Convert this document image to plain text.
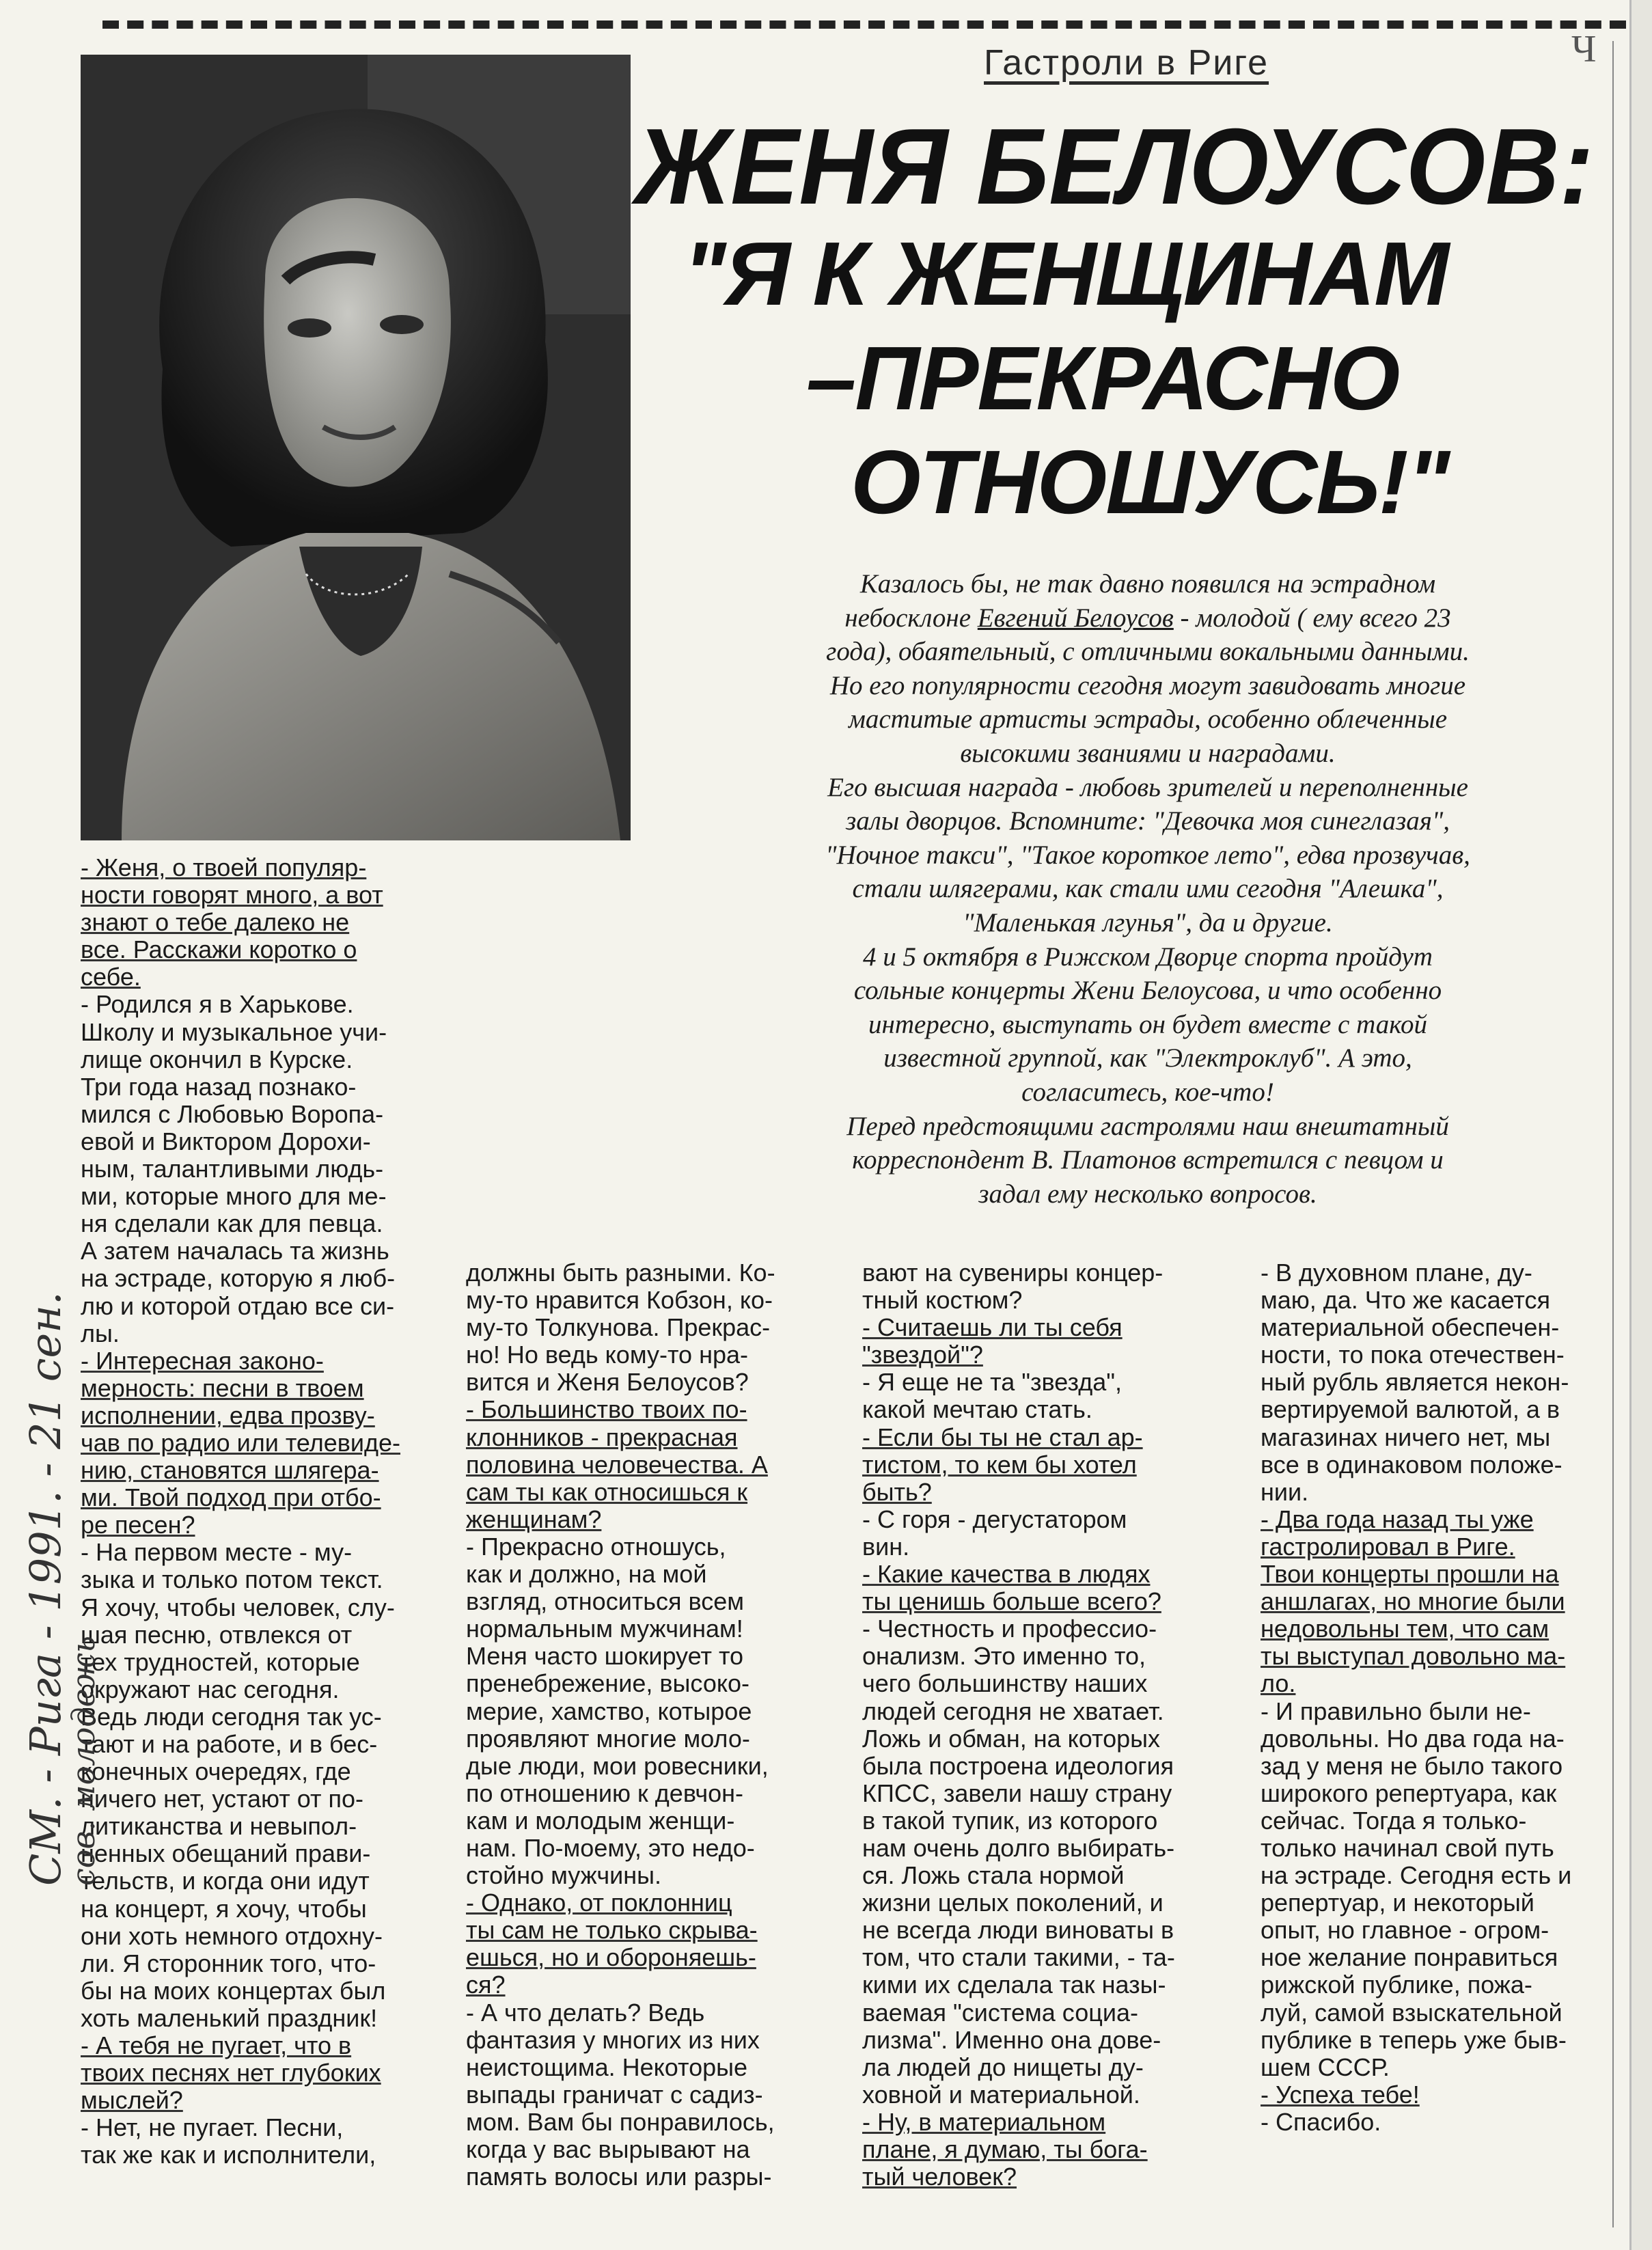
Ч
Гастроли в Риге
ЖЕНЯ БЕЛОУСОВ:
"Я К ЖЕНЩИНАМ
–ПРЕКРАСНО
ОТНОШУСЬ!"
Казалось бы, не так давно появился на эстрадном
небосклоне Евгений Белоусов - молодой ( ему всего 23
года), обаятельный, с отличными вокальными данными.
Но его популярности сегодня могут завидовать многие
маститые артисты эстрады, особенно облеченные
высокими званиями и наградами.
Его высшая награда - любовь зрителей и переполненные
залы дворцов. Вспомните: "Девочка моя синеглазая",
"Ночное такси", "Такое короткое лето", едва прозвучав,
стали шлягерами, как стали ими сегодня "Алешка",
"Маленькая лгунья", да и другие.
4 и 5 октября в Рижском Дворце спорта пройдут
сольные концерты Жени Белоусова, и что особенно
интересно, выступать он будет вместе с такой
известной группой, как "Электроклуб". А это,
согласитесь, кое-что!
Перед предстоящими гастролями наш внештатный
корреспондент В. Платонов встретился с певцом и
задал ему несколько вопросов.
- Женя, о твоей популяр-
ности говорят много, а вот
знают о тебе далеко не
все. Расскажи коротко о
себе.
- Родился я в Харькове.
Школу и музыкальное учи-
лище окончил в Курске.
Три года назад познако-
мился с Любовью Воропа-
евой и Виктором Дорохи-
ным, талантливыми людь-
ми, которые много для ме-
ня сделали как для певца.
А затем началась та жизнь
на эстраде, которую я люб-
лю и которой отдаю все си-
лы.
- Интересная законо-
мерность: песни в твоем
исполнении, едва прозву-
чав по радио или телевиде-
нию, становятся шлягера-
ми. Твой подход при отбо-
ре песен?
- На первом месте - му-
зыка и только потом текст.
Я хочу, чтобы человек, слу-
шая песню, отвлекся от
тех трудностей, которые
окружают нас сегодня.
Ведь люди сегодня так ус-
тают и на работе, и в бес-
конечных очередях, где
ничего нет, устают от по-
литиканства и невыпол-
ненных обещаний прави-
тельств, и когда они идут
на концерт, я хочу, чтобы
они хоть немного отдохну-
ли. Я сторонник того, что-
бы на моих концертах был
хоть маленький праздник!
- А тебя не пугает, что в
твоих песнях нет глубоких
мыслей?
- Нет, не пугает. Песни,
так же как и исполнители,
должны быть разными. Ко-
му-то нравится Кобзон, ко-
му-то Толкунова. Прекрас-
но! Но ведь кому-то нра-
вится и Женя Белоусов?
- Большинство твоих по-
клонников - прекрасная
половина человечества. А
сам ты как относишься к
женщинам?
- Прекрасно отношусь,
как и должно, на мой
взгляд, относиться всем
нормальным мужчинам!
Меня часто шокирует то
пренебрежение, высоко-
мерие, хамство, котырое
проявляют многие моло-
дые люди, мои ровесники,
по отношению к девчон-
кам и молодым женщи-
нам. По-моему, это недо-
стойно мужчины.
- Однако, от поклонниц
ты сам не только скрыва-
ешься, но и обороняешь-
ся?
- А что делать? Ведь
фантазия у многих из них
неистощима. Некоторые
выпады граничат с садиз-
мом. Вам бы понравилось,
когда у вас вырывают на
память волосы или разры-
вают на сувениры концер-
тный костюм?
- Считаешь ли ты себя
"звездой"?
- Я еще не та "звезда",
какой мечтаю стать.
- Если бы ты не стал ар-
тистом, то кем бы хотел
быть?
- С горя - дегустатором
вин.
- Какие качества в людях
ты ценишь больше всего?
- Честность и профессио-
онализм. Это именно то,
чего большинству наших
людей сегодня не хватает.
Ложь и обман, на которых
была построена идеология
КПСС, завели нашу страну
в такой тупик, из которого
нам очень долго выбирать-
ся. Ложь стала нормой
жизни целых поколений, и
не всегда люди виноваты в
том, что стали такими, - та-
кими их сделала так назы-
ваемая "система социа-
лизма". Именно она дове-
ла людей до нищеты ду-
ховной и материальной.
- Ну, в материальном
плане, я думаю, ты бога-
тый человек?
- В духовном плане, ду-
маю, да. Что же касается
материальной обеспечен-
ности, то пока отечествен-
ный рубль является некон-
вертируемой валютой, а в
магазинах ничего нет, мы
все в одинаковом положе-
нии.
- Два года назад ты уже
гастролировал в Риге.
Твои концерты прошли на
аншлагах, но многие были
недовольны тем, что сам
ты выступал довольно ма-
ло.
- И правильно были не-
довольны. Но два года на-
зад у меня не было такого
широкого репертуара, как
сейчас. Тогда я только-
только начинал свой путь
на эстраде. Сегодня есть и
репертуар, и некоторый
опыт, но главное - огром-
ное желание понравиться
рижской публике, пожа-
луй, самой взыскательной
публике в теперь уже быв-
шем СССР.
- Успеха тебе!
- Спасибо.
СМ. - Рига - 1991. - 21 сен.
сов. молодежь
